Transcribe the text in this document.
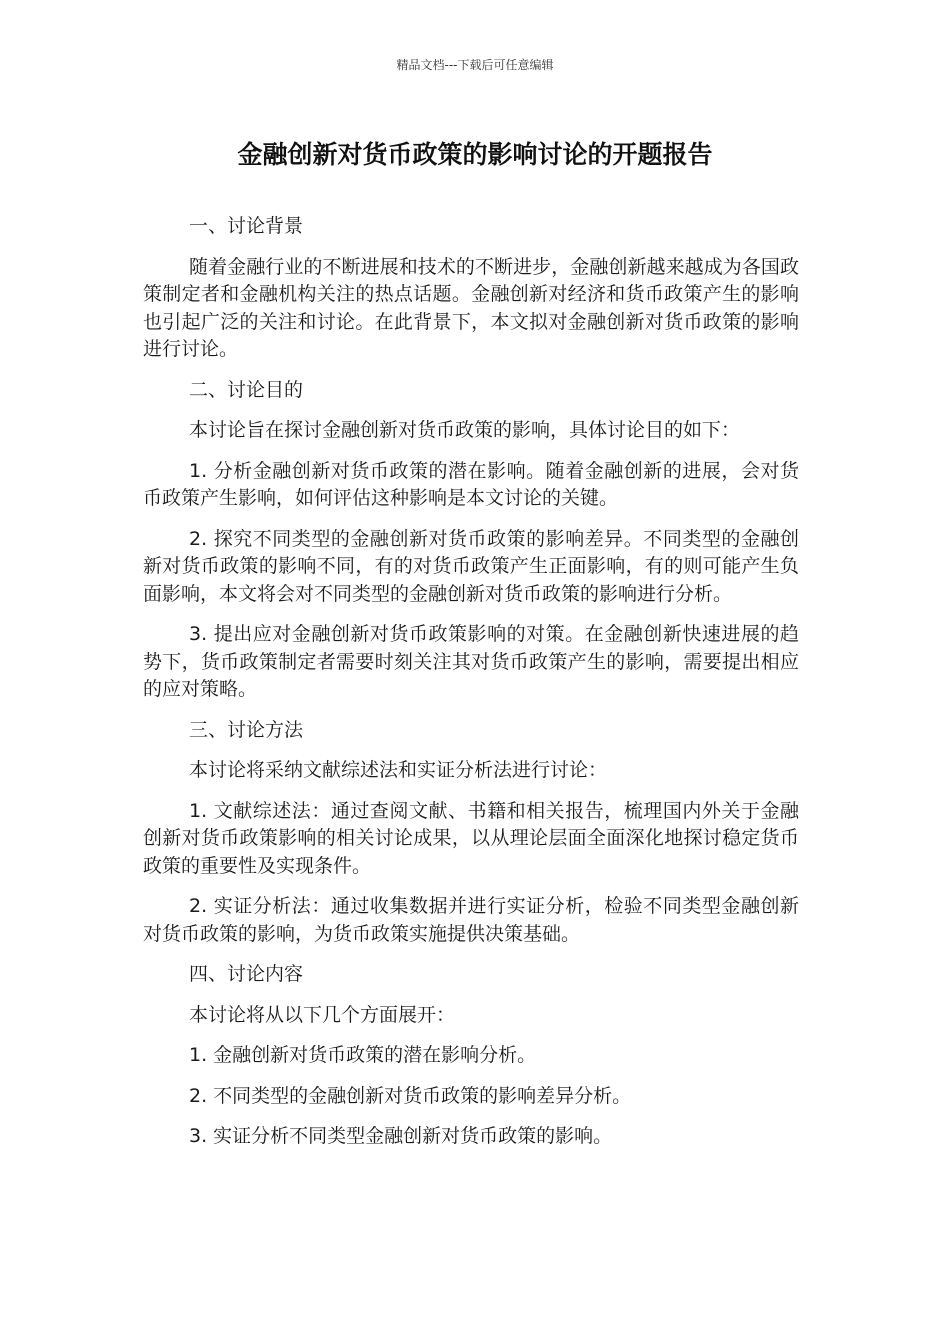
精品文档---下载后可任意编辑
金融创新对货币政策的影响讨论的开题报告

一、讨论背景

随着金融行业的不断进展和技术的不断进步，金融创新越来越成为各国政策制定者和金融机构关注的热点话题。金融创新对经济和货币政策产生的影响也引起广泛的关注和讨论。在此背景下，本文拟对金融创新对货币政策的影响进行讨论。

二、讨论目的

本讨论旨在探讨金融创新对货币政策的影响，具体讨论目的如下：

1. 分析金融创新对货币政策的潜在影响。随着金融创新的进展，会对货币政策产生影响，如何评估这种影响是本文讨论的关键。

2. 探究不同类型的金融创新对货币政策的影响差异。不同类型的金融创新对货币政策的影响不同，有的对货币政策产生正面影响，有的则可能产生负面影响，本文将会对不同类型的金融创新对货币政策的影响进行分析。

3. 提出应对金融创新对货币政策影响的对策。在金融创新快速进展的趋势下，货币政策制定者需要时刻关注其对货币政策产生的影响，需要提出相应的应对策略。

三、讨论方法

本讨论将采纳文献综述法和实证分析法进行讨论：

1. 文献综述法：通过查阅文献、书籍和相关报告，梳理国内外关于金融创新对货币政策影响的相关讨论成果，以从理论层面全面深化地探讨稳定货币政策的重要性及实现条件。

2. 实证分析法：通过收集数据并进行实证分析，检验不同类型金融创新对货币政策的影响，为货币政策实施提供决策基础。

四、讨论内容

本讨论将从以下几个方面展开：

1. 金融创新对货币政策的潜在影响分析。

2. 不同类型的金融创新对货币政策的影响差异分析。

3. 实证分析不同类型金融创新对货币政策的影响。
